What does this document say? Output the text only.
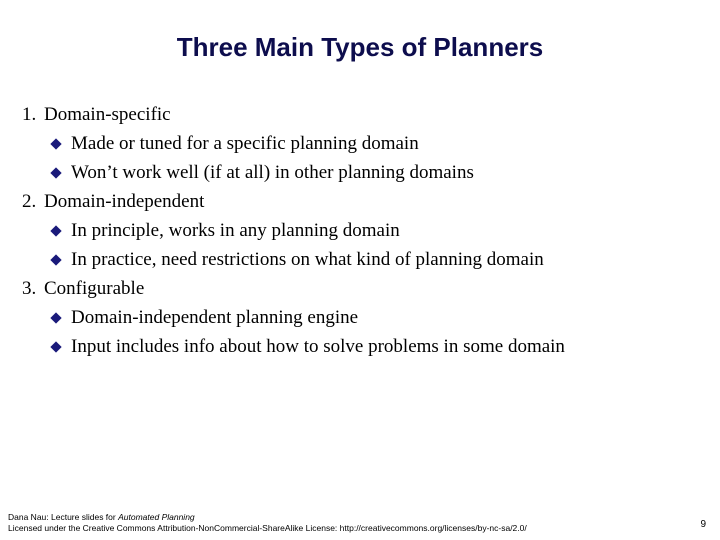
Three Main Types of Planners
1. Domain-specific
Made or tuned for a specific planning domain
Won’t work well (if at all) in other planning domains
2. Domain-independent
In principle, works in any planning domain
In practice, need restrictions on what kind of planning domain
3. Configurable
Domain-independent planning engine
Input includes info about how to solve problems in some domain
Dana Nau: Lecture slides for Automated Planning
Licensed under the Creative Commons Attribution-NonCommercial-ShareAlike License: http://creativecommons.org/licenses/by-nc-sa/2.0/	9
